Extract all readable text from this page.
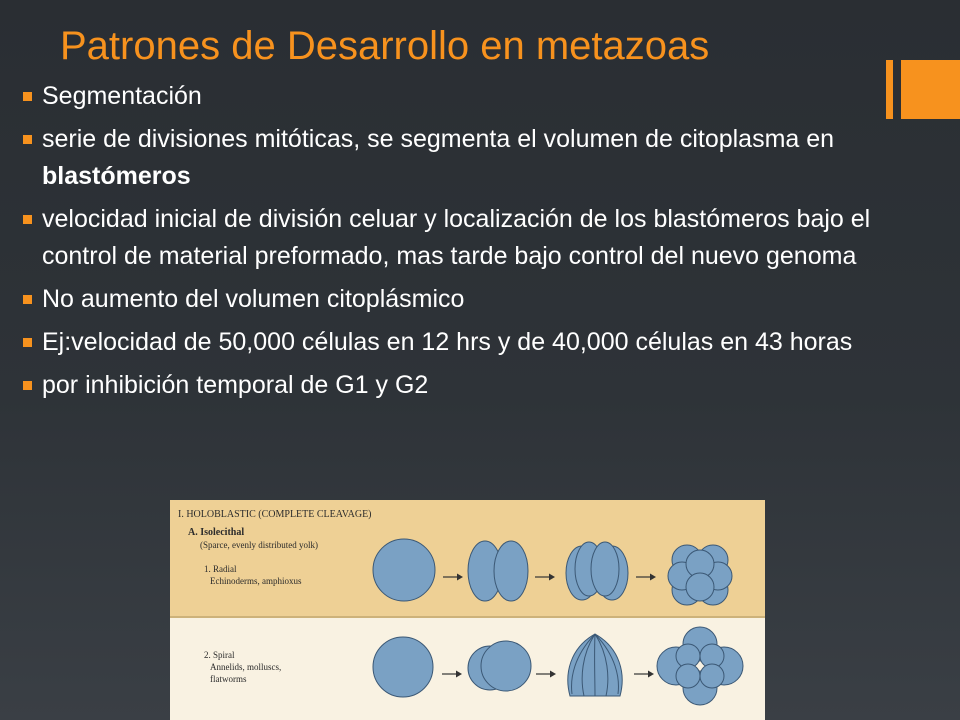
Patrones de Desarrollo en metazoas
Segmentación
serie de divisiones mitóticas, se segmenta el volumen de citoplasma en blastómeros
velocidad inicial de división celuar y localización de los blastómeros bajo el control de material preformado, mas tarde bajo control del nuevo genoma
No aumento del volumen citoplásmico
Ej:velocidad de 50,000 células en 12 hrs y de 40,000 células en 43 horas
por inhibición temporal de G1 y G2
I. HOLOBLASTIC (COMPLETE CLEAVAGE)
A. Isolecithal
(Sparce, evenly distributed yolk)
1. Radial
Echinoderms, amphioxus
2. Spiral
Annelids, molluscs,
flatworms
